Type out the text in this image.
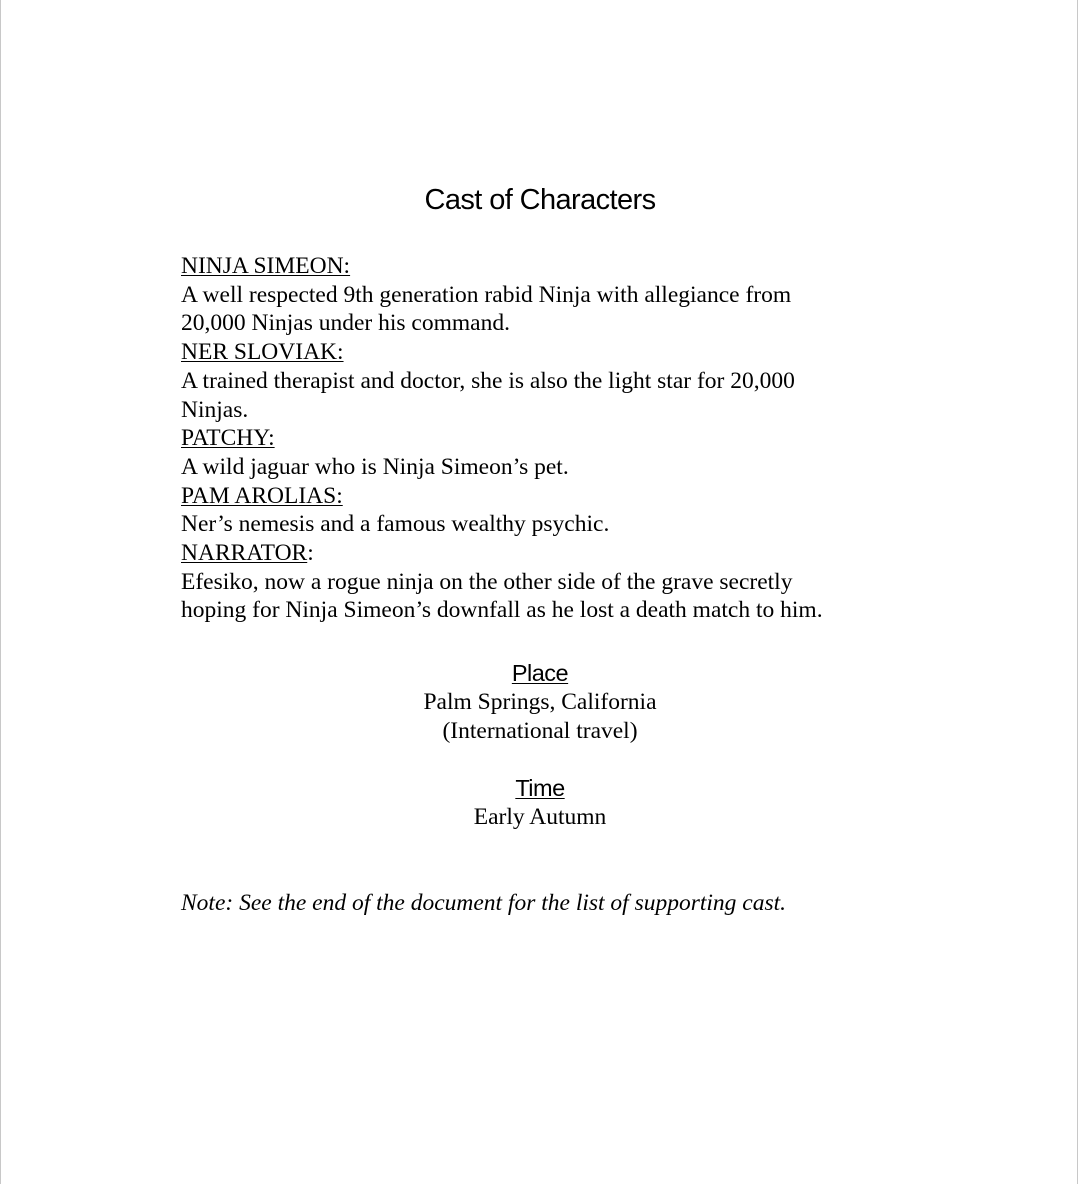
Cast of Characters
NINJA SIMEON:
A well respected 9th generation rabid Ninja with allegiance from
20,000 Ninjas under his command.
NER SLOVIAK:
A trained therapist and doctor, she is also the light star for 20,000
Ninjas.
PATCHY:
A wild jaguar who is Ninja Simeon’s pet.
PAM AROLIAS:
Ner’s nemesis and a famous wealthy psychic.
NARRATOR:
Efesiko, now a rogue ninja on the other side of the grave secretly
hoping for Ninja Simeon’s downfall as he lost a death match to him.
Place
Palm Springs, California
(International travel)
Time
Early Autumn
Note: See the end of the document for the list of supporting cast.
